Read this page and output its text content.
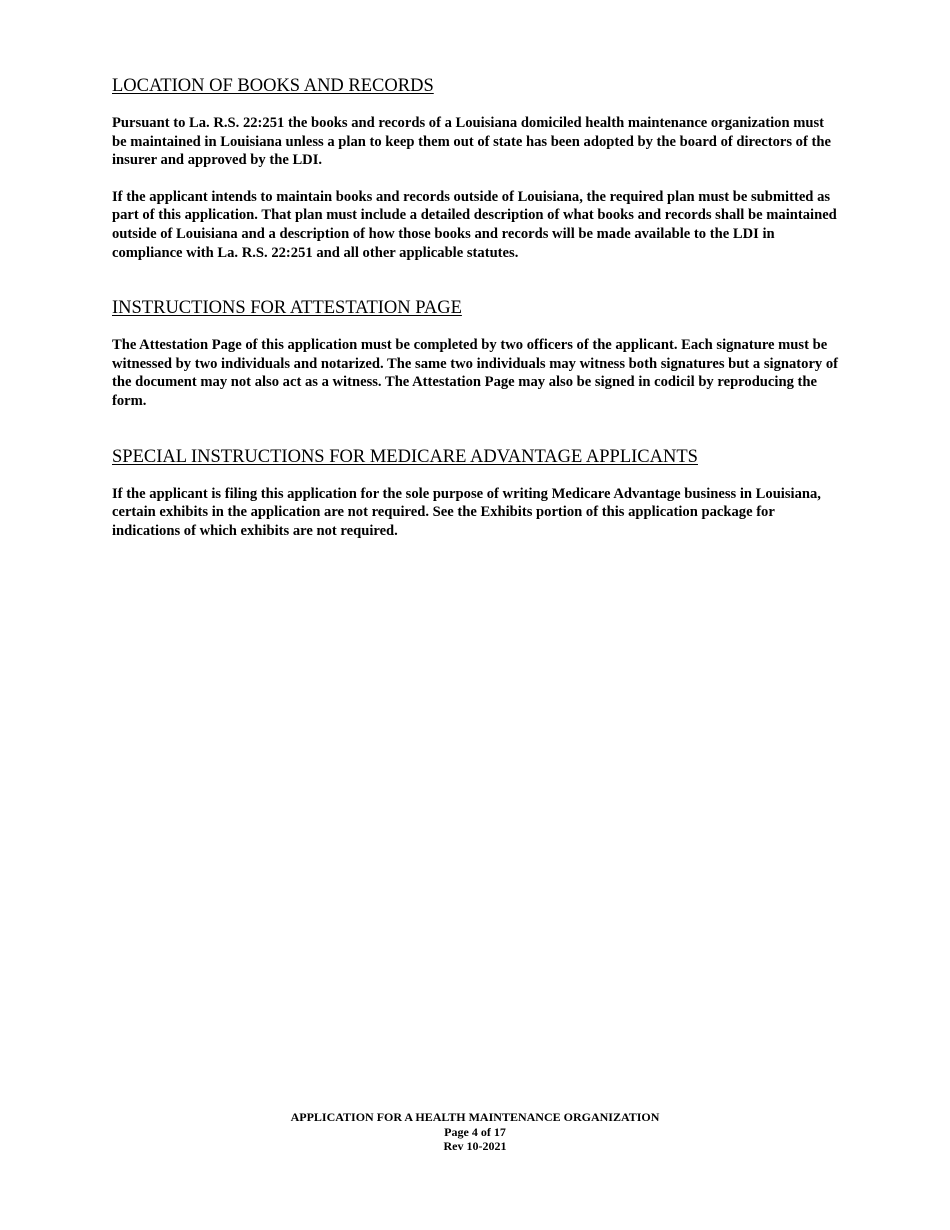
LOCATION OF BOOKS AND RECORDS

Pursuant to La. R.S. 22:251 the books and records of a Louisiana domiciled health maintenance organization must be maintained in Louisiana unless a plan to keep them out of state has been adopted by the board of directors of the insurer and approved by the LDI.

If the applicant intends to maintain books and records outside of Louisiana, the required plan must be submitted as part of this application. That plan must include a detailed description of what books and records shall be maintained outside of Louisiana and a description of how those books and records will be made available to the LDI in compliance with La. R.S. 22:251 and all other applicable statutes.

INSTRUCTIONS FOR ATTESTATION PAGE

The Attestation Page of this application must be completed by two officers of the applicant. Each signature must be witnessed by two individuals and notarized. The same two individuals may witness both signatures but a signatory of the document may not also act as a witness. The Attestation Page may also be signed in codicil by reproducing the form.

SPECIAL INSTRUCTIONS FOR MEDICARE ADVANTAGE APPLICANTS

If the applicant is filing this application for the sole purpose of writing Medicare Advantage business in Louisiana, certain exhibits in the application are not required. See the Exhibits portion of this application package for indications of which exhibits are not required.

APPLICATION FOR A HEALTH MAINTENANCE ORGANIZATION
Page 4 of 17
Rev 10-2021
